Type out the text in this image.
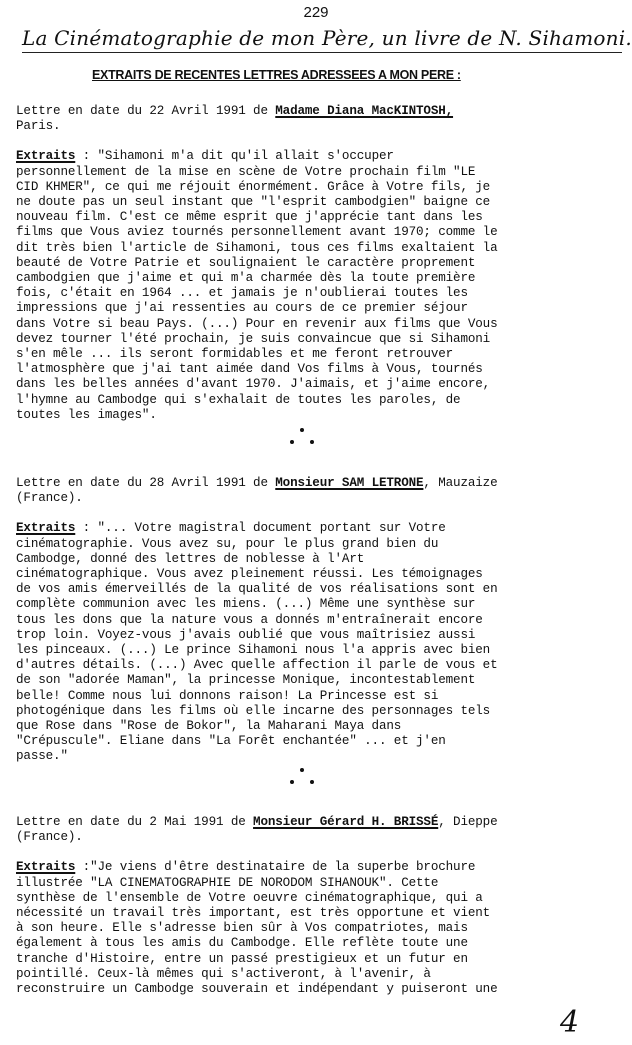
229
La Cinématographie de mon Père, un livre de N. Sihamoni.
EXTRAITS DE RECENTES LETTRES ADRESSEES A MON PERE :
Lettre en date du 22 Avril 1991 de Madame Diana MacKINTOSH,
Paris.
Extraits : "Sihamoni m'a dit qu'il allait s'occuper
personnellement de la mise en scène de Votre prochain film "LE
CID KHMER", ce qui me réjouit énormément. Grâce à Votre fils, je
ne doute pas un seul instant que "l'esprit cambodgien" baigne ce
nouveau film. C'est ce même esprit que j'apprécie tant dans les
films que Vous aviez tournés personnellement avant 1970; comme le
dit très bien l'article de Sihamoni, tous ces films exaltaient la
beauté de Votre Patrie et soulignaient le caractère proprement
cambodgien que j'aime et qui m'a charmée dès la toute première
fois, c'était en 1964 ... et jamais je n'oublierai toutes les
impressions que j'ai ressenties au cours de ce premier séjour
dans Votre si beau Pays. (...) Pour en revenir aux films que Vous
devez tourner l'été prochain, je suis convaincue que si Sihamoni
s'en mêle ... ils seront formidables et me feront retrouver
l'atmosphère que j'ai tant aimée dand Vos films à Vous, tournés
dans les belles années d'avant 1970. J'aimais, et j'aime encore,
l'hymne au Cambodge qui s'exhalait de toutes les paroles, de
toutes les images".
Lettre en date du 28 Avril 1991 de Monsieur SAM LETRONE, Mauzaize
(France).
Extraits : "... Votre magistral document portant sur Votre
cinématographie. Vous avez su, pour le plus grand bien du
Cambodge, donné des lettres de noblesse à l'Art
cinématographique. Vous avez pleinement réussi. Les témoignages
de vos amis émerveillés de la qualité de vos réalisations sont en
complète communion avec les miens. (...) Même une synthèse sur
tous les dons que la nature vous a donnés m'entraînerait encore
trop loin. Voyez-vous j'avais oublié que vous maîtrisiez aussi
les pinceaux. (...) Le prince Sihamoni nous l'a appris avec bien
d'autres détails. (...) Avec quelle affection il parle de vous et
de son "adorée Maman", la princesse Monique, incontestablement
belle! Comme nous lui donnons raison! La Princesse est si
photogénique dans les films où elle incarne des personnages tels
que Rose dans "Rose de Bokor", la Maharani Maya dans
"Crépuscule". Eliane dans "La Forêt enchantée" ... et j'en
passe."
Lettre en date du 2 Mai 1991 de Monsieur Gérard H. BRISSÉ, Dieppe
(France).
Extraits :"Je viens d'être destinataire de la superbe brochure
illustrée "LA CINEMATOGRAPHIE DE NORODOM SIHANOUK". Cette
synthèse de l'ensemble de Votre oeuvre cinématographique, qui a
nécessité un travail très important, est très opportune et vient
à son heure. Elle s'adresse bien sûr à Vos compatriotes, mais
également à tous les amis du Cambodge. Elle reflète toute une
tranche d'Histoire, entre un passé prestigieux et un futur en
pointillé. Ceux-là mêmes qui s'activeront, à l'avenir, à
reconstruire un Cambodge souverain et indépendant y puiseront une
4
